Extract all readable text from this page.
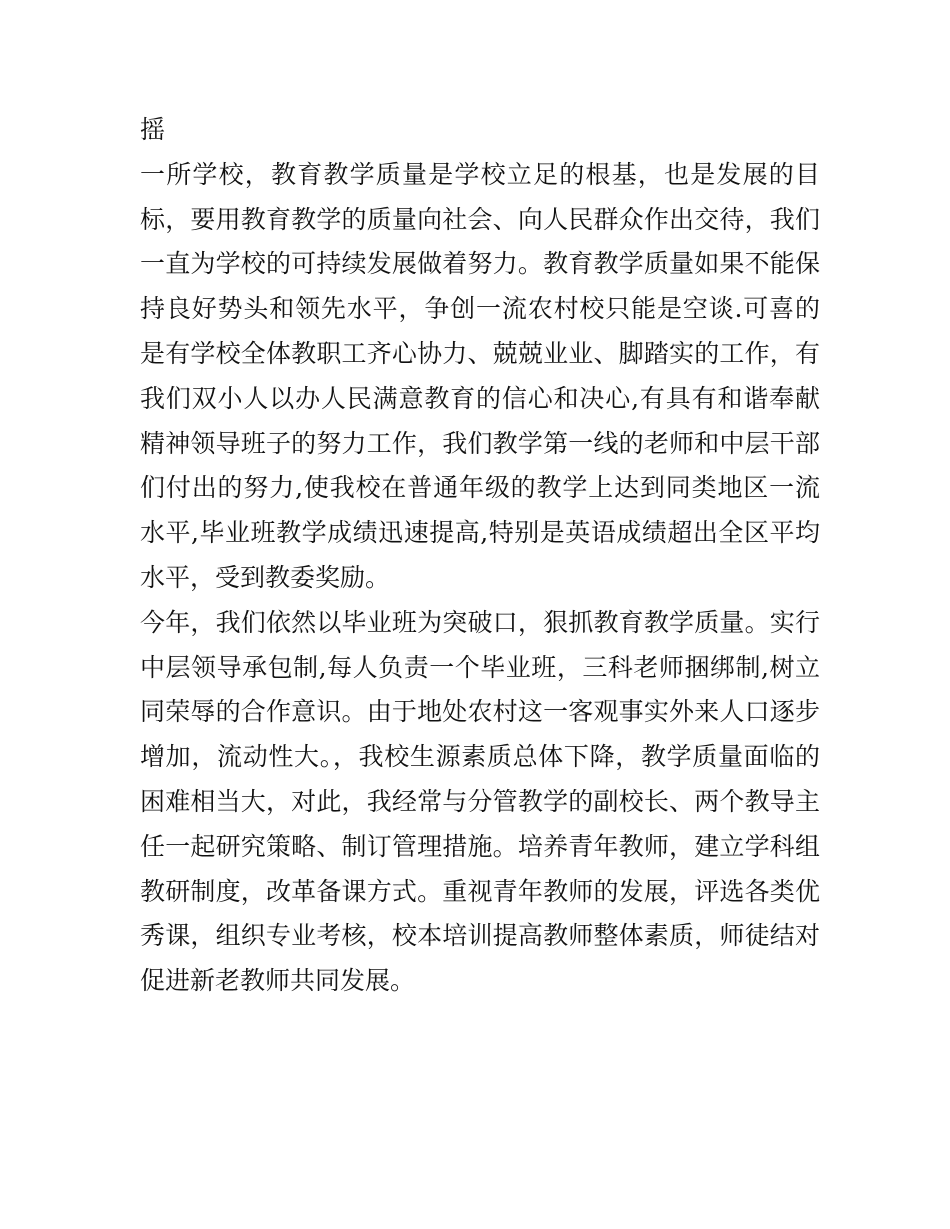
摇
一所学校，教育教学质量是学校立足的根基，也是发展的目
标，要用教育教学的质量向社会、向人民群众作出交待，我们
一直为学校的可持续发展做着努力。教育教学质量如果不能保
持良好势头和领先水平，争创一流农村校只能是空谈.可喜的
是有学校全体教职工齐心协力、兢兢业业、脚踏实的工作，有
我们双小人以办人民满意教育的信心和决心,有具有和谐奉献
精神领导班子的努力工作，我们教学第一线的老师和中层干部
们付出的努力,使我校在普通年级的教学上达到同类地区一流
水平,毕业班教学成绩迅速提高,特别是英语成绩超出全区平均
水平，受到教委奖励。
今年，我们依然以毕业班为突破口，狠抓教育教学质量。实行
中层领导承包制,每人负责一个毕业班，三科老师捆绑制,树立
同荣辱的合作意识。由于地处农村这一客观事实外来人口逐步
增加，流动性大。，我校生源素质总体下降，教学质量面临的
困难相当大，对此，我经常与分管教学的副校长、两个教导主
任一起研究策略、制订管理措施。培养青年教师，建立学科组
教研制度，改革备课方式。重视青年教师的发展，评选各类优
秀课，组织专业考核，校本培训提高教师整体素质，师徒结对
促进新老教师共同发展。
